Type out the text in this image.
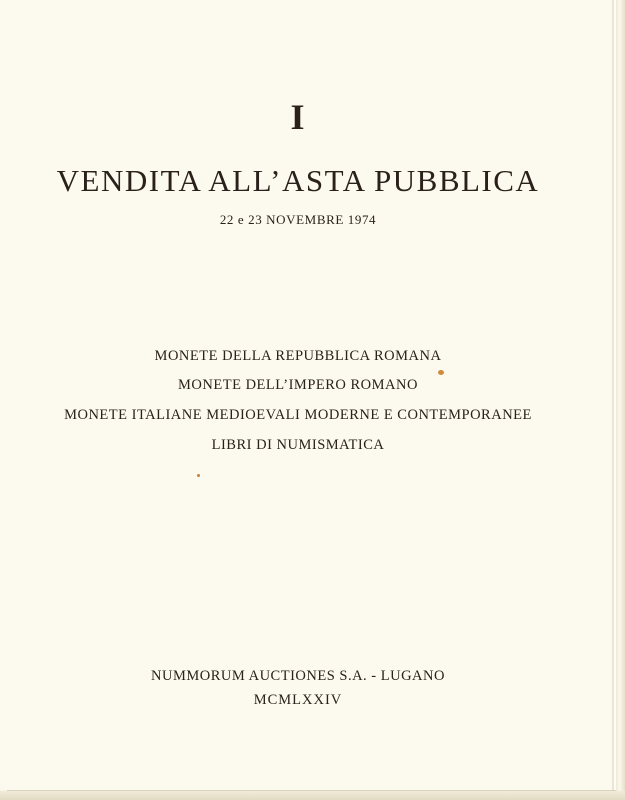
I
VENDITA ALL’ASTA PUBBLICA
22 e 23 NOVEMBRE 1974
MONETE DELLA REPUBBLICA ROMANA
MONETE DELL’IMPERO ROMANO
MONETE ITALIANE MEDIOEVALI MODERNE E CONTEMPORANEE
LIBRI DI NUMISMATICA
NUMMORUM AUCTIONES S.A. - LUGANO
MCMLXXIV
